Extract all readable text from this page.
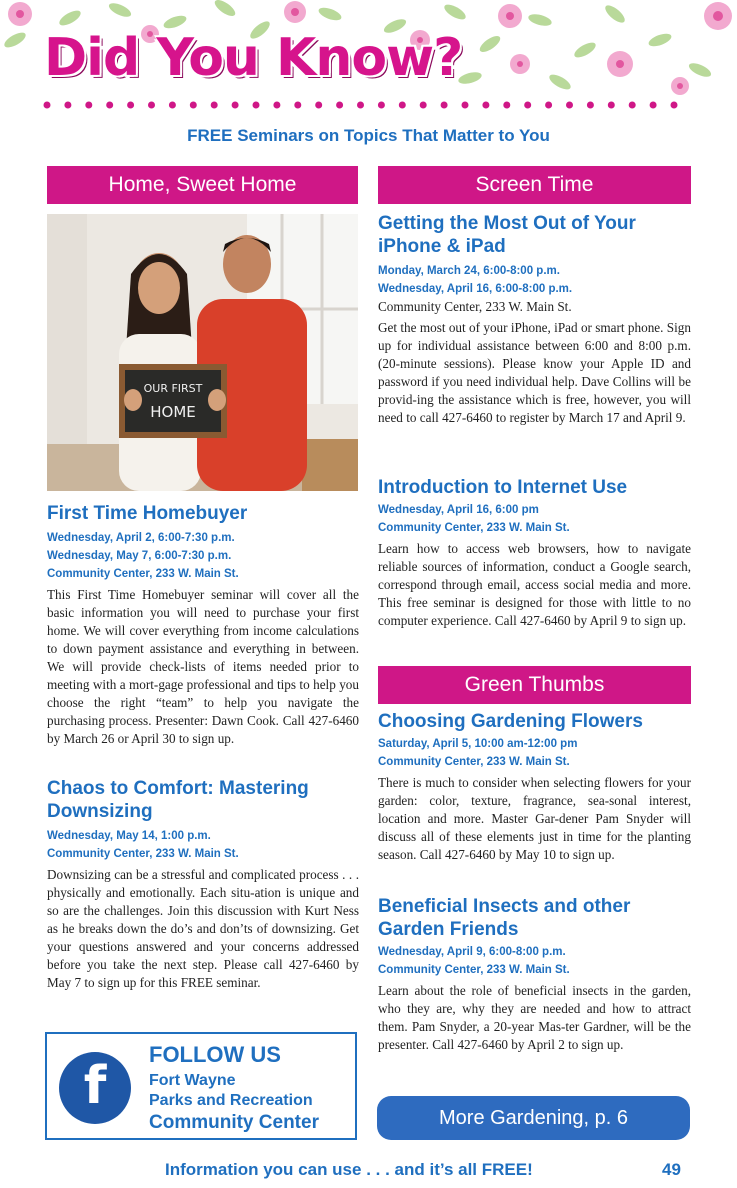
Did You Know?
FREE Seminars on Topics That Matter to You
Home, Sweet Home	Screen Time
Green Thumbs
OUR FIRST
HOME
First Time Homebuyer
Wednesday, April 2, 6:00-7:30 p.m.
Wednesday, May 7, 6:00-7:30 p.m.
Community Center, 233 W. Main St.
This First Time Homebuyer seminar will cover all the basic information you will need to purchase your first home. We will cover everything from income calculations to down payment assistance and everything in between. We will provide check-lists of items needed prior to meeting with a mort-gage professional and tips to help you choose the right “team” to help you navigate the purchasing process. Presenter: Dawn Cook. Call 427-6460 by March 26 or April 30 to sign up.
Chaos to Comfort: Mastering Downsizing
Wednesday, May 14, 1:00 p.m.
Community Center, 233 W. Main St.
Downsizing can be a stressful and complicated process . . . physically and emotionally. Each situ-ation is unique and so are the challenges. Join this discussion with Kurt Ness as he breaks down the do’s and don’ts of downsizing. Get your questions answered and your concerns addressed before you take the next step. Please call 427-6460 by May 7 to sign up for this FREE seminar.
Getting the Most Out of Your iPhone & iPad
Monday, March 24, 6:00-8:00 p.m.
Wednesday, April 16, 6:00-8:00 p.m.
Community Center, 233 W. Main St.
Get the most out of your iPhone, iPad or smart phone. Sign up for individual assistance between 6:00 and 8:00 p.m. (20-minute sessions). Please know your Apple ID and password if you need individual help. Dave Collins will be provid-ing the assistance which is free, however, you will need to call 427-6460 to register by March 17 and April 9.
Introduction to Internet Use
Wednesday, April 16, 6:00 pm
Community Center, 233 W. Main St.
Learn how to access web browsers, how to navigate reliable sources of information, conduct a Google search, correspond through email, access social media and more. This free seminar is designed for those with little to no computer experience. Call 427-6460 by April 9 to sign up.
Choosing Gardening Flowers
Saturday, April 5, 10:00 am-12:00 pm
Community Center, 233 W. Main St.
There is much to consider when selecting flowers for your garden: color, texture, fragrance, sea-sonal interest, location and more. Master Gar-dener Pam Snyder will discuss all of these elements just in time for the planting season. Call 427-6460 by May 10 to sign up.
Beneficial Insects and other Garden Friends
Wednesday, April 9, 6:00-8:00 p.m.
Community Center, 233 W. Main St.
Learn about the role of beneficial insects in the garden, who they are, why they are needed and how to attract them. Pam Snyder, a 20-year Mas-ter Gardner, will be the presenter. Call 427-6460 by April 2 to sign up.
f
FOLLOW US
Fort Wayne
Parks and Recreation
Community Center	More Gardening, p. 6
Information you can use . . . and it’s all FREE!	49
